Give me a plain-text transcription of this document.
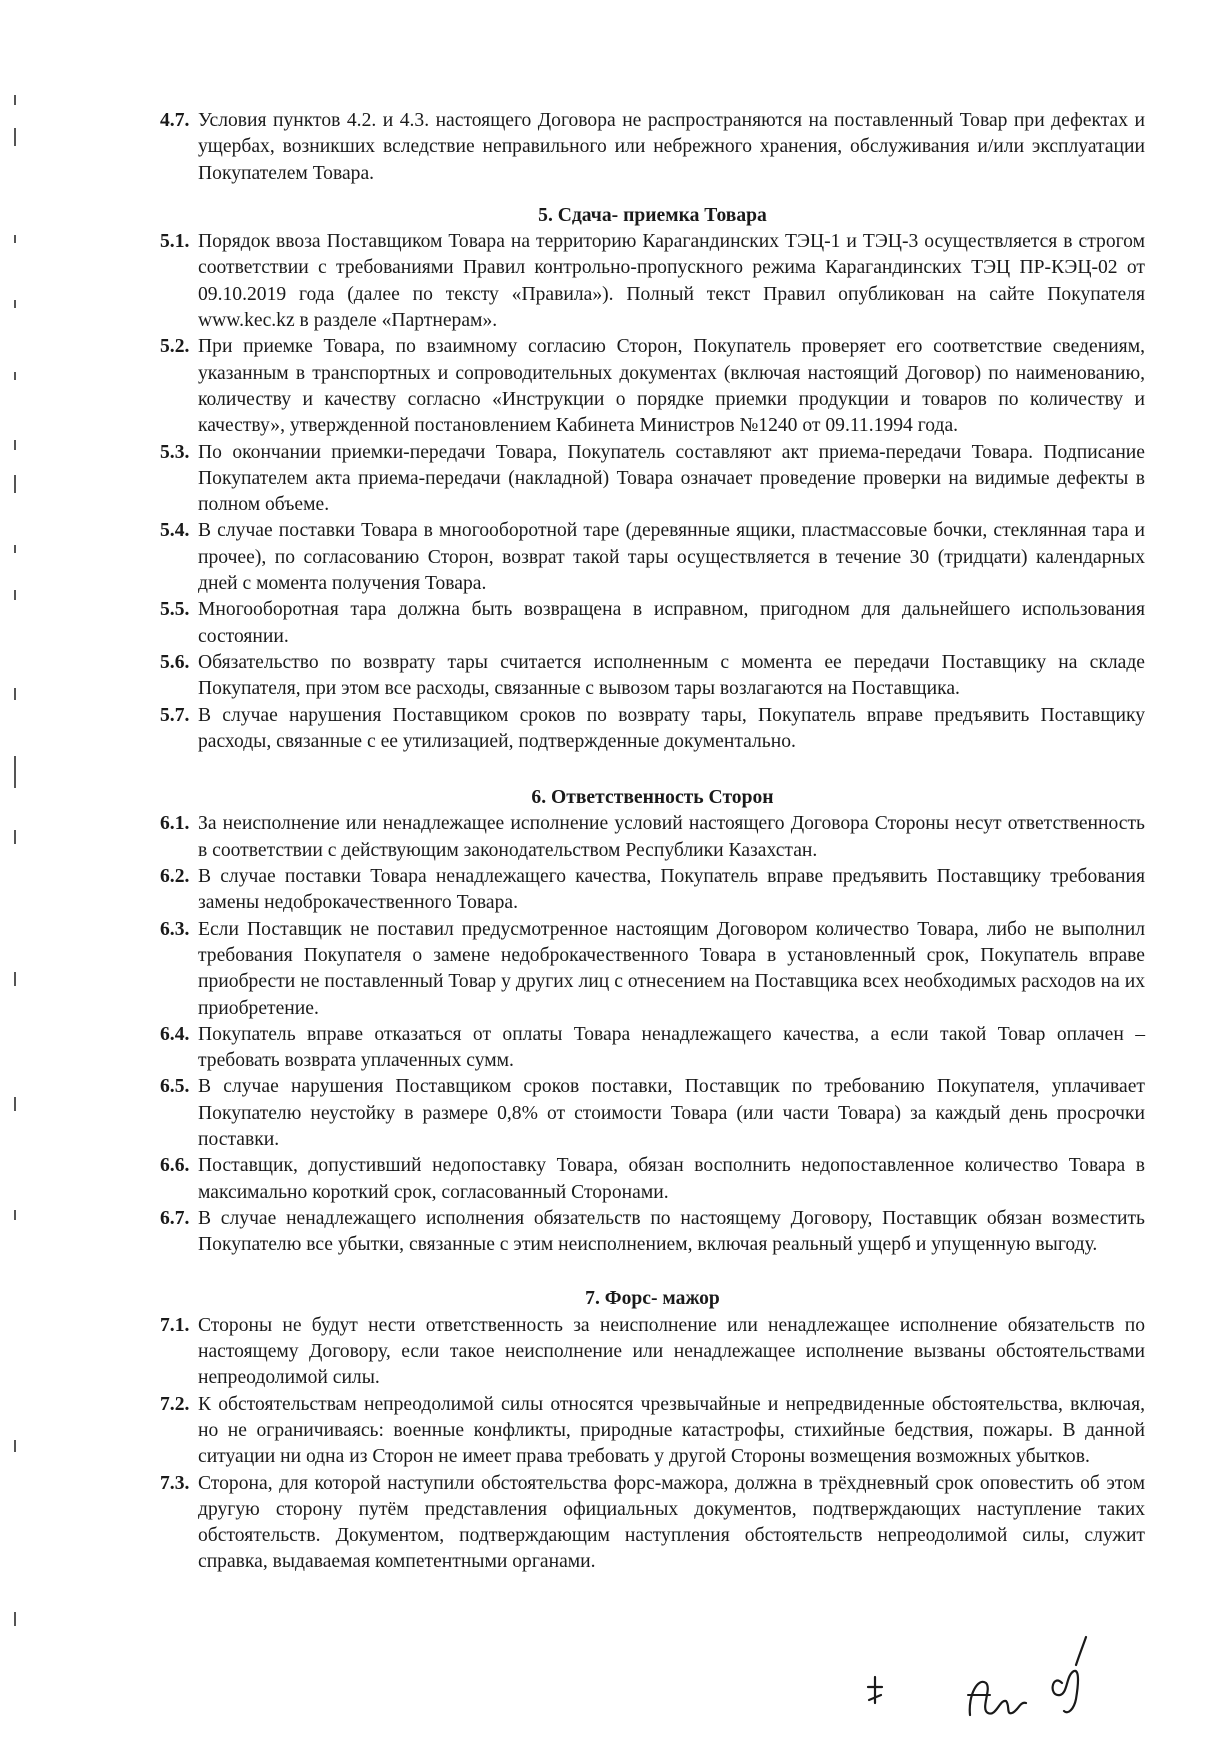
4.7. Условия пунктов 4.2. и 4.3. настоящего Договора не распространяются на поставленный Товар при дефектах и ущербах, возникших вследствие неправильного или небрежного хранения, обслуживания и/или эксплуатации Покупателем Товара.

5. Сдача- приемка Товара

5.1. Порядок ввоза Поставщиком Товара на территорию Карагандинских ТЭЦ-1 и ТЭЦ-3 осуществляется в строгом соответствии с требованиями Правил контрольно-пропускного режима Карагандинских ТЭЦ ПР-КЭЦ-02 от 09.10.2019 года (далее по тексту «Правила»). Полный текст Правил опубликован на сайте Покупателя www.kec.kz в разделе «Партнерам».

5.2. При приемке Товара, по взаимному согласию Сторон, Покупатель проверяет его соответствие сведениям, указанным в транспортных и сопроводительных документах (включая настоящий Договор) по наименованию, количеству и качеству согласно «Инструкции о порядке приемки продукции и товаров по количеству и качеству», утвержденной постановлением Кабинета Министров №1240 от 09.11.1994 года.

5.3. По окончании приемки-передачи Товара, Покупатель составляют акт приема-передачи Товара. Подписание Покупателем акта приема-передачи (накладной) Товара означает проведение проверки на видимые дефекты в полном объеме.

5.4. В случае поставки Товара в многооборотной таре (деревянные ящики, пластмассовые бочки, стеклянная тара и прочее), по согласованию Сторон, возврат такой тары осуществляется в течение 30 (тридцати) календарных дней с момента получения Товара.

5.5. Многооборотная тара должна быть возвращена в исправном, пригодном для дальнейшего использования состоянии.

5.6. Обязательство по возврату тары считается исполненным с момента ее передачи Поставщику на складе Покупателя, при этом все расходы, связанные с вывозом тары возлагаются на Поставщика.

5.7. В случае нарушения Поставщиком сроков по возврату тары, Покупатель вправе предъявить Поставщику расходы, связанные с ее утилизацией, подтвержденные документально.

6. Ответственность Сторон

6.1. За неисполнение или ненадлежащее исполнение условий настоящего Договора Стороны несут ответственность в соответствии с действующим законодательством Республики Казахстан.

6.2. В случае поставки Товара ненадлежащего качества, Покупатель вправе предъявить Поставщику требования замены недоброкачественного Товара.

6.3. Если Поставщик не поставил предусмотренное настоящим Договором количество Товара, либо не выполнил требования Покупателя о замене недоброкачественного Товара в установленный срок, Покупатель вправе приобрести не поставленный Товар у других лиц с отнесением на Поставщика всех необходимых расходов на их приобретение.

6.4. Покупатель вправе отказаться от оплаты Товара ненадлежащего качества, а если такой Товар оплачен – требовать возврата уплаченных сумм.

6.5. В случае нарушения Поставщиком сроков поставки, Поставщик по требованию Покупателя, уплачивает Покупателю неустойку в размере 0,8% от стоимости Товара (или части Товара) за каждый день просрочки поставки.

6.6. Поставщик, допустивший недопоставку Товара, обязан восполнить недопоставленное количество Товара в максимально короткий срок, согласованный Сторонами.

6.7. В случае ненадлежащего исполнения обязательств по настоящему Договору, Поставщик обязан возместить Покупателю все убытки, связанные с этим неисполнением, включая реальный ущерб и упущенную выгоду.

7. Форс- мажор

7.1. Стороны не будут нести ответственность за неисполнение или ненадлежащее исполнение обязательств по настоящему Договору, если такое неисполнение или ненадлежащее исполнение вызваны обстоятельствами непреодолимой силы.

7.2. К обстоятельствам непреодолимой силы относятся чрезвычайные и непредвиденные обстоятельства, включая, но не ограничиваясь: военные конфликты, природные катастрофы, стихийные бедствия, пожары. В данной ситуации ни одна из Сторон не имеет права требовать у другой Стороны возмещения возможных убытков.

7.3. Сторона, для которой наступили обстоятельства форс-мажора, должна в трёхдневный срок оповестить об этом другую сторону путём представления официальных документов, подтверждающих наступление таких обстоятельств. Документом, подтверждающим наступления обстоятельств непреодолимой силы, служит справка, выдаваемая компетентными органами.
